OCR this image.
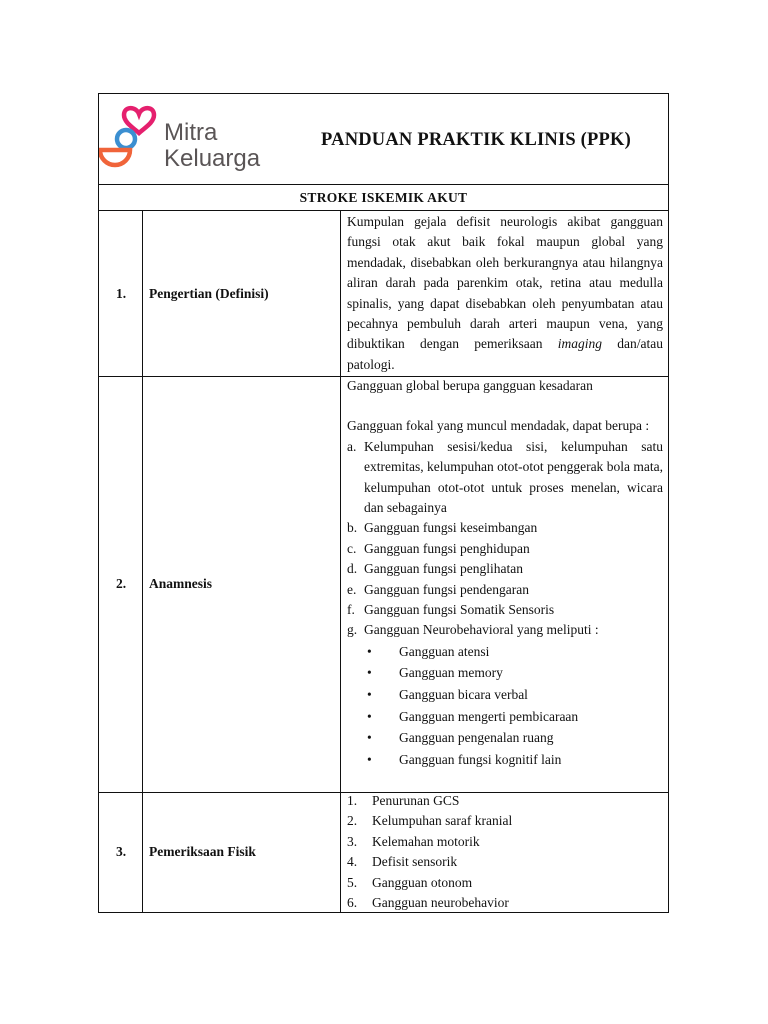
Mitra
Keluarga
PANDUAN PRAKTIK KLINIS (PPK)
STROKE ISKEMIK AKUT
1.	Pengertian (Definisi)

Kumpulan gejala defisit neurologis akibat gangguan fungsi otak akut baik fokal maupun global yang mendadak, disebabkan oleh berkurangnya atau hilangnya aliran darah pada parenkim otak, retina atau medulla spinalis, yang dapat disebabkan oleh penyumbatan atau pecahnya pembuluh darah arteri maupun vena, yang dibuktikan dengan pemeriksaan imaging dan/atau patologi.

2.	Anamnesis

Gangguan global berupa gangguan kesadaran

Gangguan fokal yang muncul mendadak, dapat berupa :

a. Kelumpuhan sesisi/kedua sisi, kelumpuhan satu extremitas, kelumpuhan otot-otot penggerak bola mata, kelumpuhan otot-otot untuk proses menelan, wicara dan sebagainya

b. Gangguan fungsi keseimbangan
c. Gangguan fungsi penghidupan
d. Gangguan fungsi penglihatan
e. Gangguan fungsi pendengaran
f. Gangguan fungsi Somatik Sensoris
g. Gangguan Neurobehavioral yang meliputi :
• Gangguan atensi
• Gangguan memory
• Gangguan bicara verbal
• Gangguan mengerti pembicaraan
• Gangguan pengenalan ruang
• Gangguan fungsi kognitif lain
3.	Pemeriksaan Fisik
1. Penurunan GCS
2. Kelumpuhan saraf kranial
3. Kelemahan motorik
4. Defisit sensorik
5. Gangguan otonom
6. Gangguan neurobehavior
